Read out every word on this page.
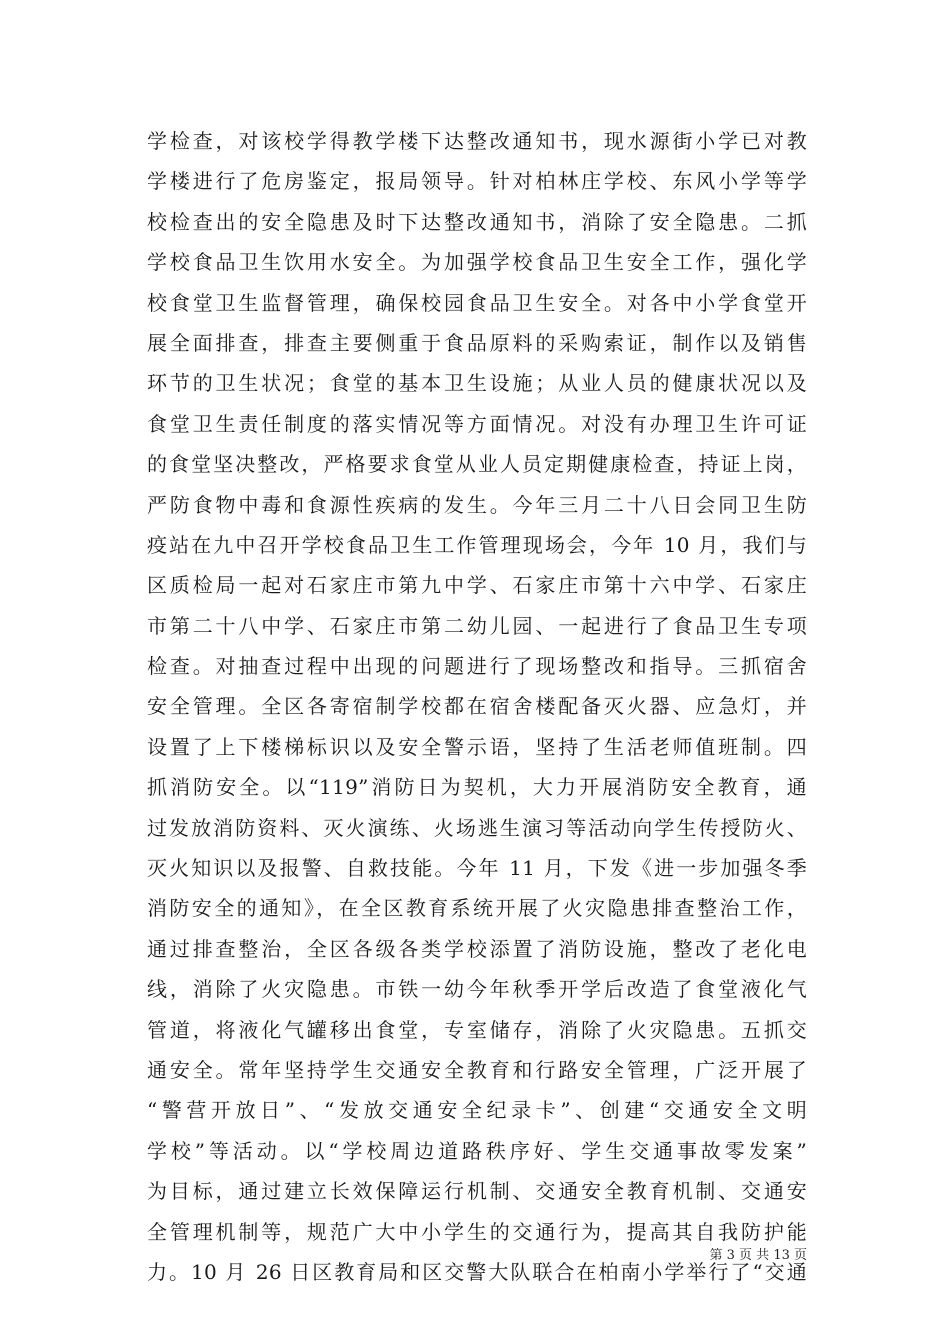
学检查，对该校学得教学楼下达整改通知书，现水源街小学已对教
学楼进行了危房鉴定，报局领导。针对柏林庄学校、东风小学等学
校检查出的安全隐患及时下达整改通知书，消除了安全隐患。二抓
学校食品卫生饮用水安全。为加强学校食品卫生安全工作，强化学
校食堂卫生监督管理，确保校园食品卫生安全。对各中小学食堂开
展全面排查，排查主要侧重于食品原料的采购索证，制作以及销售
环节的卫生状况；食堂的基本卫生设施；从业人员的健康状况以及
食堂卫生责任制度的落实情况等方面情况。对没有办理卫生许可证
的食堂坚决整改，严格要求食堂从业人员定期健康检查，持证上岗，
严防食物中毒和食源性疾病的发生。今年三月二十八日会同卫生防
疫站在九中召开学校食品卫生工作管理现场会，今年 10 月，我们与
区质检局一起对石家庄市第九中学、石家庄市第十六中学、石家庄
市第二十八中学、石家庄市第二幼儿园、一起进行了食品卫生专项
检查。对抽查过程中出现的问题进行了现场整改和指导。三抓宿舍
安全管理。全区各寄宿制学校都在宿舍楼配备灭火器、应急灯，并
设置了上下楼梯标识以及安全警示语，坚持了生活老师值班制。四
抓消防安全。以“119”消防日为契机，大力开展消防安全教育，通
过发放消防资料、灭火演练、火场逃生演习等活动向学生传授防火、
灭火知识以及报警、自救技能。今年 11 月，下发《进一步加强冬季
消防安全的通知》，在全区教育系统开展了火灾隐患排查整治工作，
通过排查整治，全区各级各类学校添置了消防设施，整改了老化电
线，消除了火灾隐患。市铁一幼今年秋季开学后改造了食堂液化气
管道，将液化气罐移出食堂，专室储存，消除了火灾隐患。五抓交
通安全。常年坚持学生交通安全教育和行路安全管理，广泛开展了
“警营开放日”、“发放交通安全纪录卡”、创建“交通安全文明
学校”等活动。以“学校周边道路秩序好、学生交通事故零发案”
为目标，通过建立长效保障运行机制、交通安全教育机制、交通安
全管理机制等，规范广大中小学生的交通行为，提高其自我防护能
力。10 月 26 日区教育局和区交警大队联合在柏南小学举行了“交通
第 3 页 共 13 页
